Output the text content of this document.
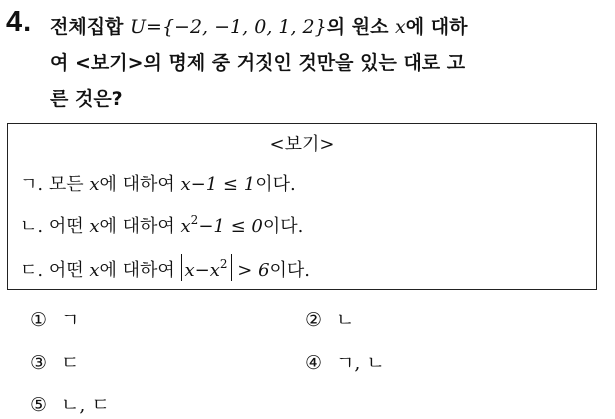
4. 전체집합 U={−2, −1, 0, 1, 2}의 원소 x에 대하
여 <보기>의 명제 중 거짓인 것만을 있는 대로 고
른 것은?
<보기>
ㄱ. 모든 x에 대하여 x−1 ≤ 1이다.
ㄴ. 어떤 x에 대하여 $x^2-1 \le 0$이다.
ㄷ. 어떤 x에 대하여 $x-x^2 > 6$이다.
① ㄱ	② ㄴ
③ ㄷ	④ ㄱ, ㄴ
⑤ ㄴ, ㄷ
